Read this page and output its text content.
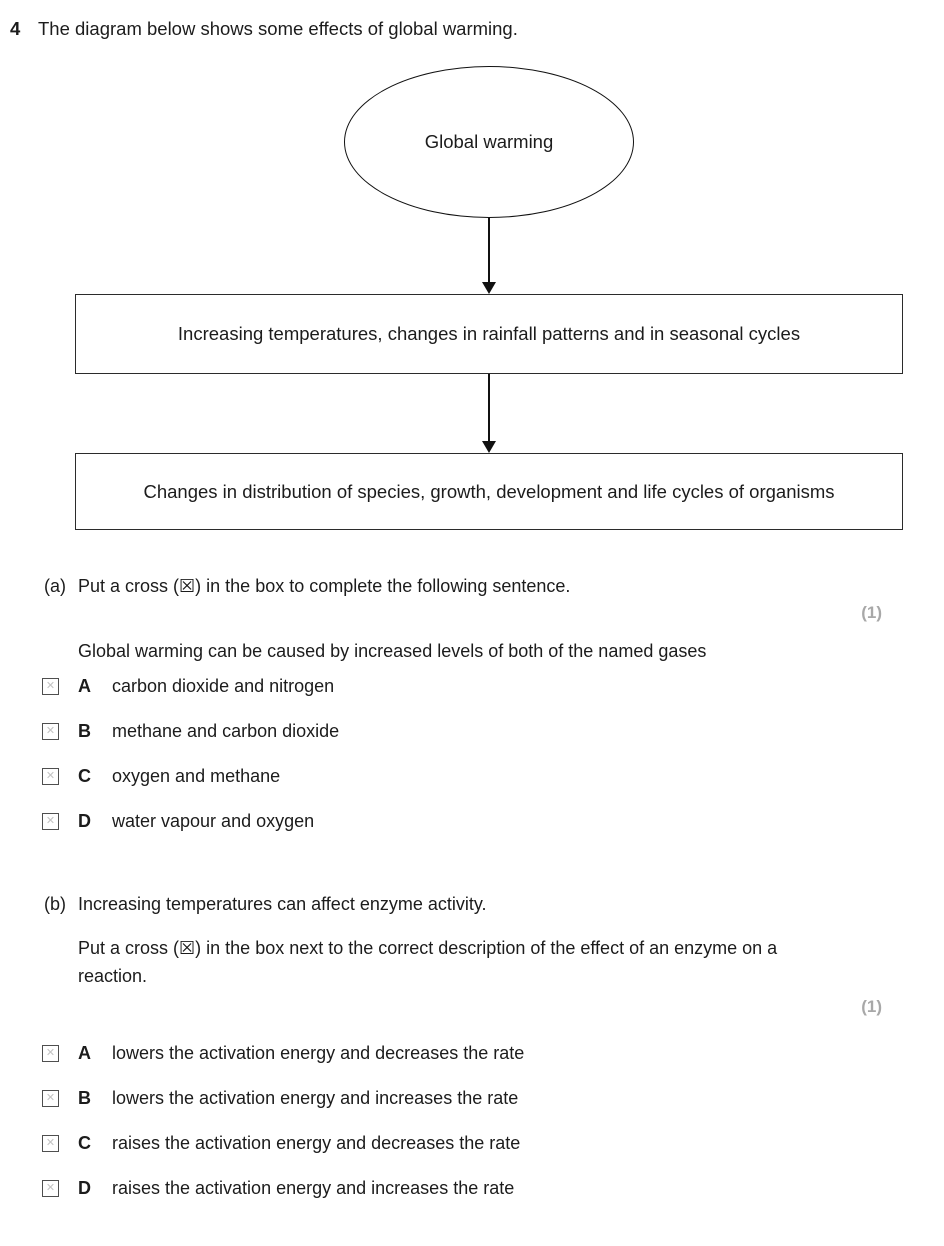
4 The diagram below shows some effects of global warming.
Global warming
Increasing temperatures, changes in rainfall patterns and in seasonal cycles
Changes in distribution of species, growth, development and life cycles of organisms
(a) Put a cross (☒) in the box to complete the following sentence.
(1)
Global warming can be caused by increased levels of both of the named gases
✕ A	carbon dioxide and nitrogen
✕ B	methane and carbon dioxide
✕ C	oxygen and methane
✕ D	water vapour and oxygen
(b) Increasing temperatures can affect enzyme activity.
Put a cross (☒) in the box next to the correct description of the effect of an enzyme on a reaction.
(1)
✕ A	lowers the activation energy and decreases the rate
✕ B	lowers the activation energy and increases the rate
✕ C	raises the activation energy and decreases the rate
✕ D	raises the activation energy and increases the rate
